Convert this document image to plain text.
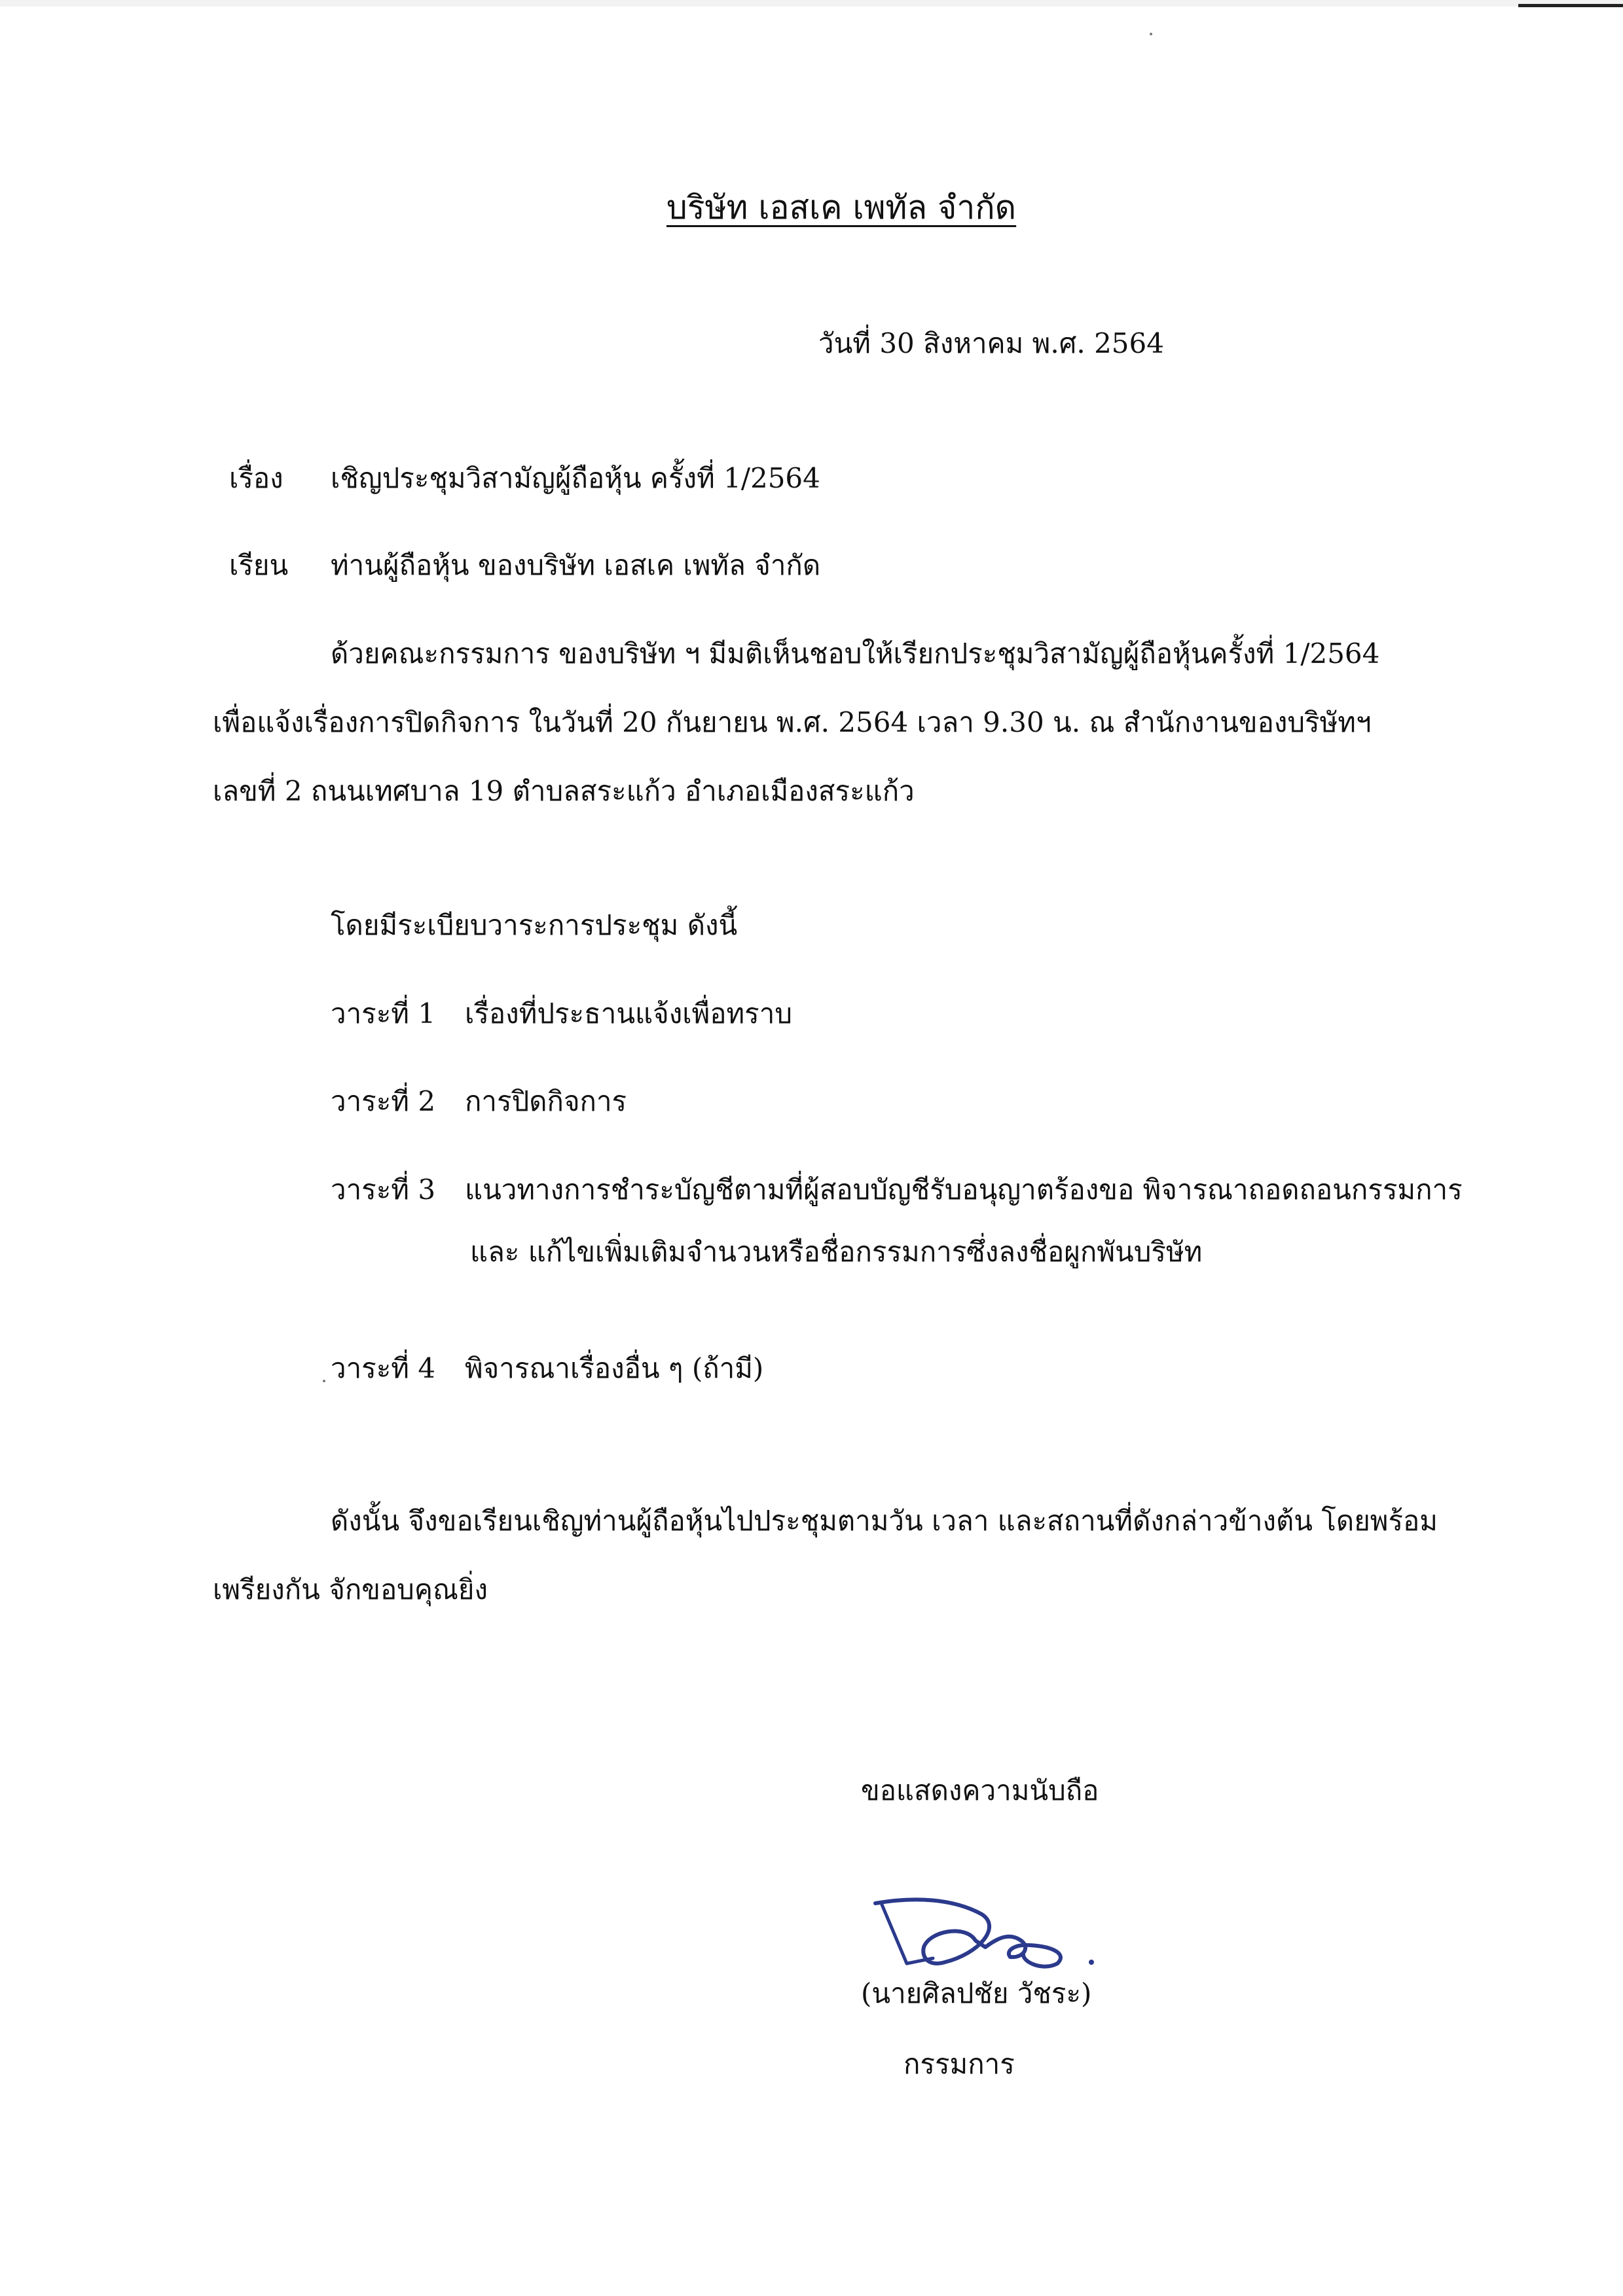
บริษัท เอสเค เพทัล จำกัด
วันที่ 30 สิงหาคม พ.ศ. 2564
เรื่อง เชิญประชุมวิสามัญผู้ถือหุ้น ครั้งที่ 1/2564
เรียน ท่านผู้ถือหุ้น ของบริษัท เอสเค เพทัล จำกัด
ด้วยคณะกรรมการ ของบริษัท ฯ มีมติเห็นชอบให้เรียกประชุมวิสามัญผู้ถือหุ้นครั้งที่ 1/2564
เพื่อแจ้งเรื่องการปิดกิจการ ในวันที่ 20 กันยายน พ.ศ. 2564 เวลา 9.30 น. ณ สำนักงานของบริษัทฯ
เลขที่ 2 ถนนเทศบาล 19 ตำบลสระแก้ว อำเภอเมืองสระแก้ว
โดยมีระเบียบวาระการประชุม ดังนี้
วาระที่ 1 เรื่องที่ประธานแจ้งเพื่อทราบ
วาระที่ 2 การปิดกิจการ
วาระที่ 3 แนวทางการชำระบัญชีตามที่ผู้สอบบัญชีรับอนุญาตร้องขอ พิจารณาถอดถอนกรรมการ
และ แก้ไขเพิ่มเติมจำนวนหรือชื่อกรรมการซึ่งลงชื่อผูกพันบริษัท
วาระที่ 4 พิจารณาเรื่องอื่น ๆ (ถ้ามี)
ดังนั้น จึงขอเรียนเชิญท่านผู้ถือหุ้นไปประชุมตามวัน เวลา และสถานที่ดังกล่าวข้างต้น โดยพร้อม
เพรียงกัน จักขอบคุณยิ่ง
ขอแสดงความนับถือ
(นายศิลปชัย วัชระ)
กรรมการ
